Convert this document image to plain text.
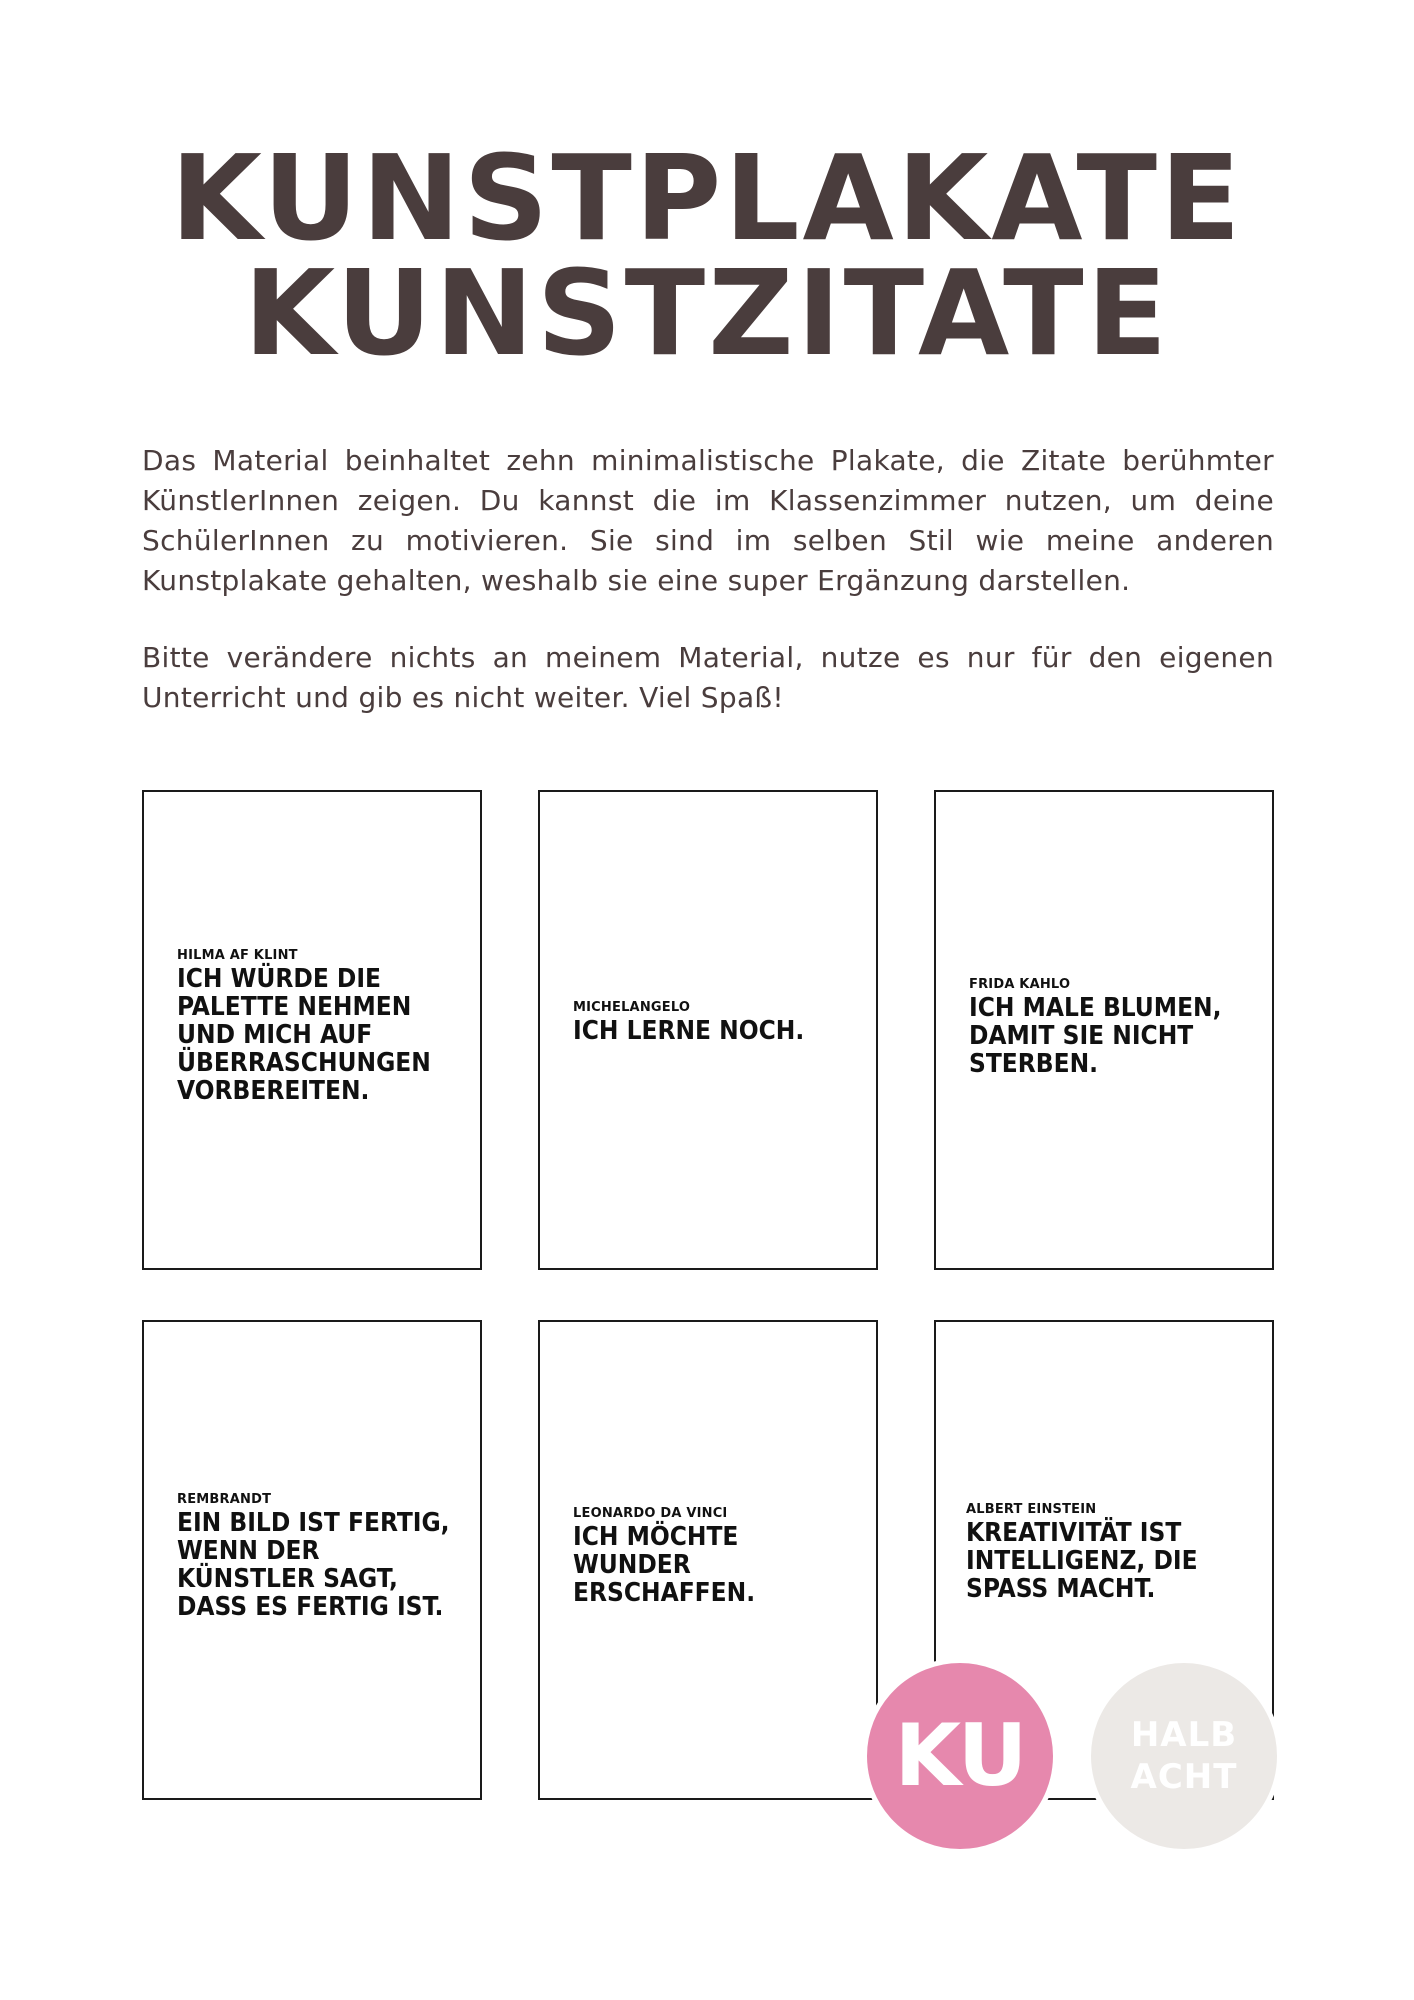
KUNSTPLAKATE
KUNSTZITATE

Das Material beinhaltet zehn minimalistische Plakate, die Zitate berühmter KünstlerInnen zeigen. Du kannst die im Klassenzimmer nutzen, um deine SchülerInnen zu motivieren. Sie sind im selben Stil wie meine anderen Kunstplakate gehalten, weshalb sie eine super Ergänzung darstellen.

Bitte verändere nichts an meinem Material, nutze es nur für den eigenen Unterricht und gib es nicht weiter. Viel Spaß!

HILMA AF KLINT
ICH WÜRDE DIE
PALETTE NEHMEN
UND MICH AUF
ÜBERRASCHUNGEN
VORBEREITEN.
MICHELANGELO
ICH LERNE NOCH.
FRIDA KAHLO
ICH MALE BLUMEN,
DAMIT SIE NICHT
STERBEN.
REMBRANDT
EIN BILD IST FERTIG,
WENN DER
KÜNSTLER SAGT,
DASS ES FERTIG IST.
LEONARDO DA VINCI
ICH MÖCHTE
WUNDER
ERSCHAFFEN.
ALBERT EINSTEIN
KREATIVITÄT IST
INTELLIGENZ, DIE
SPASS MACHT.
KU	HALB
ACHT
